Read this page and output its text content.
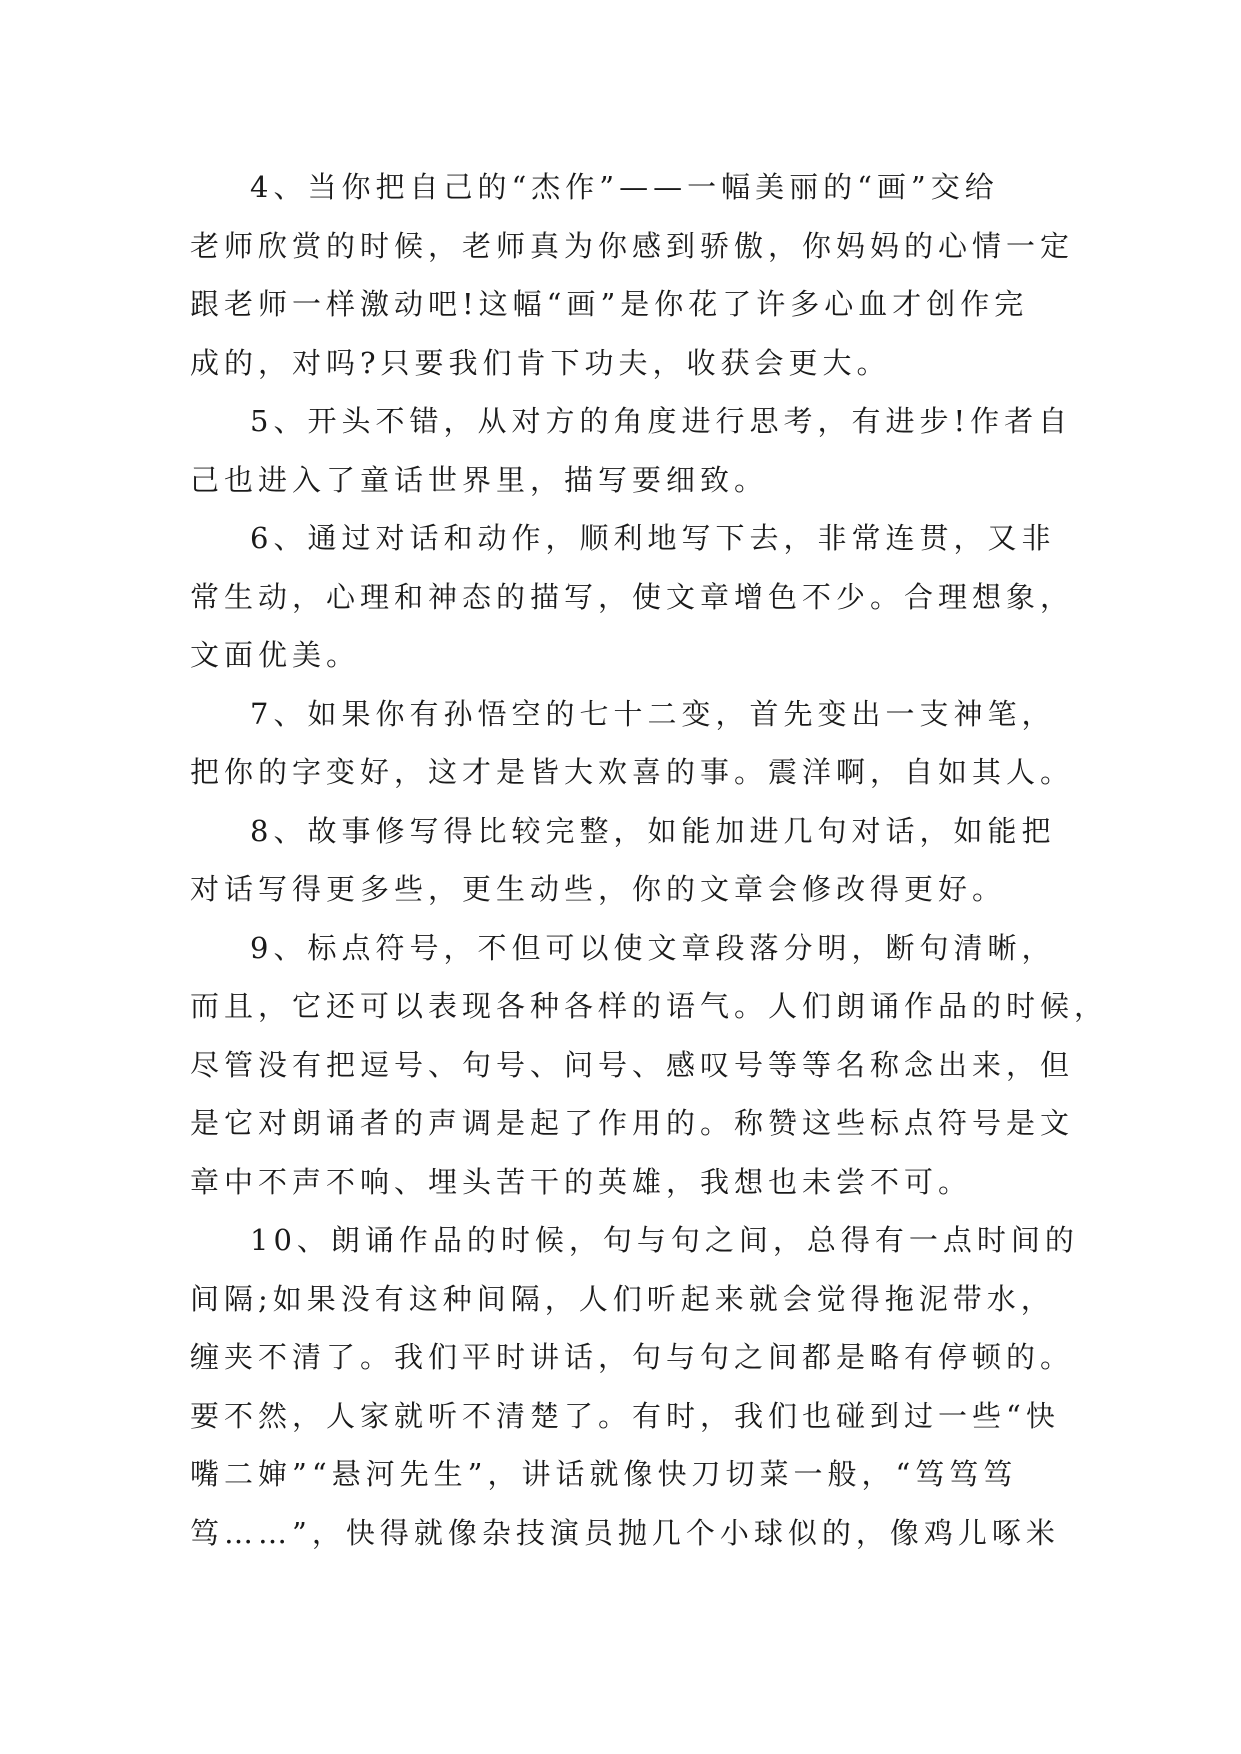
4、当你把自己的“杰作”——一幅美丽的“画”交给
老师欣赏的时候，老师真为你感到骄傲，你妈妈的心情一定
跟老师一样激动吧!这幅“画”是你花了许多心血才创作完
成的，对吗?只要我们肯下功夫，收获会更大。

5、开头不错，从对方的角度进行思考，有进步!作者自
己也进入了童话世界里，描写要细致。

6、通过对话和动作，顺利地写下去，非常连贯，又非
常生动，心理和神态的描写，使文章增色不少。合理想象，
文面优美。

7、如果你有孙悟空的七十二变，首先变出一支神笔，
把你的字变好，这才是皆大欢喜的事。震洋啊，自如其人。

8、故事修写得比较完整，如能加进几句对话，如能把
对话写得更多些，更生动些，你的文章会修改得更好。

9、标点符号，不但可以使文章段落分明，断句清晰，
而且，它还可以表现各种各样的语气。人们朗诵作品的时候，
尽管没有把逗号、句号、问号、感叹号等等名称念出来，但
是它对朗诵者的声调是起了作用的。称赞这些标点符号是文
章中不声不响、埋头苦干的英雄，我想也未尝不可。

10、朗诵作品的时候，句与句之间，总得有一点时间的
间隔;如果没有这种间隔，人们听起来就会觉得拖泥带水，
缠夹不清了。我们平时讲话，句与句之间都是略有停顿的。
要不然，人家就听不清楚了。有时，我们也碰到过一些“快
嘴二婶”“悬河先生”，讲话就像快刀切菜一般，“笃笃笃
笃……”，快得就像杂技演员抛几个小球似的，像鸡儿啄米
